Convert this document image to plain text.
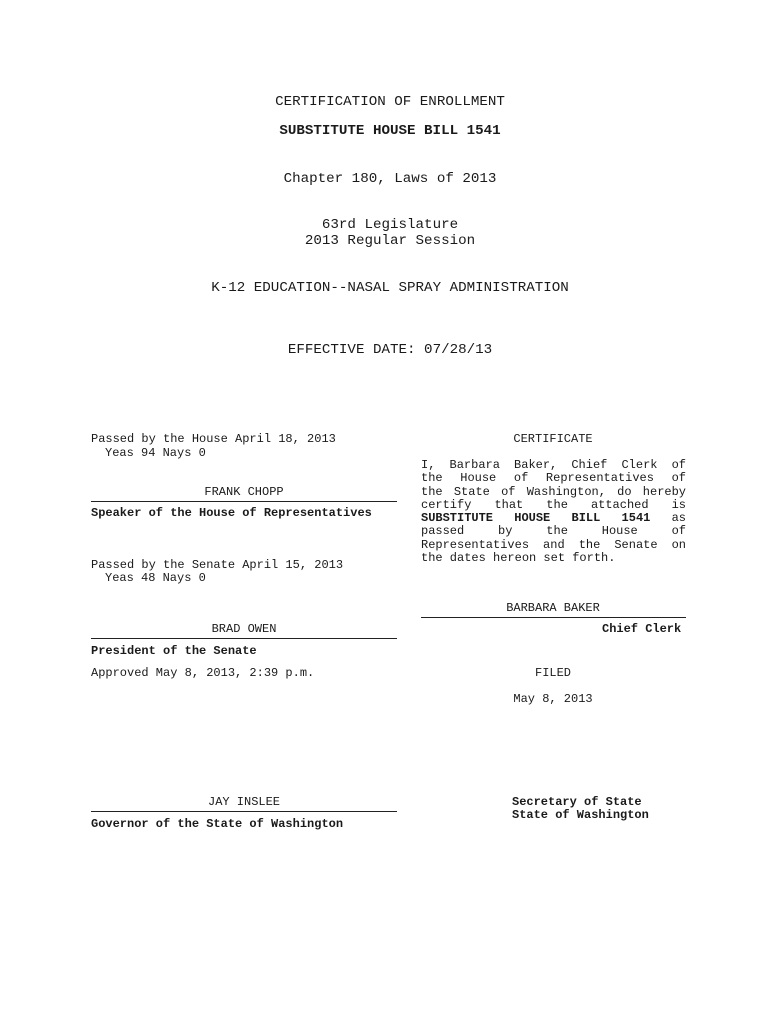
CERTIFICATION OF ENROLLMENT
SUBSTITUTE HOUSE BILL 1541
Chapter 180, Laws of 2013
63rd Legislature
2013 Regular Session
K-12 EDUCATION--NASAL SPRAY ADMINISTRATION
EFFECTIVE DATE: 07/28/13
Passed by the House April 18, 2013
Yeas 94 Nays 0
FRANK CHOPP
Speaker of the House of Representatives
Passed by the Senate April 15, 2013
Yeas 48 Nays 0
BRAD OWEN
President of the Senate
Approved May 8, 2013, 2:39 p.m.
JAY INSLEE
Governor of the State of Washington
CERTIFICATE
I, Barbara Baker, Chief Clerk of
the House of Representatives of
the State of Washington, do hereby
certify that the attached is
SUBSTITUTE HOUSE BILL 1541 as
passed by the House of
Representatives and the Senate on
the dates hereon set forth.
BARBARA BAKER
Chief Clerk
FILED
May 8, 2013
Secretary of State
State of Washington
